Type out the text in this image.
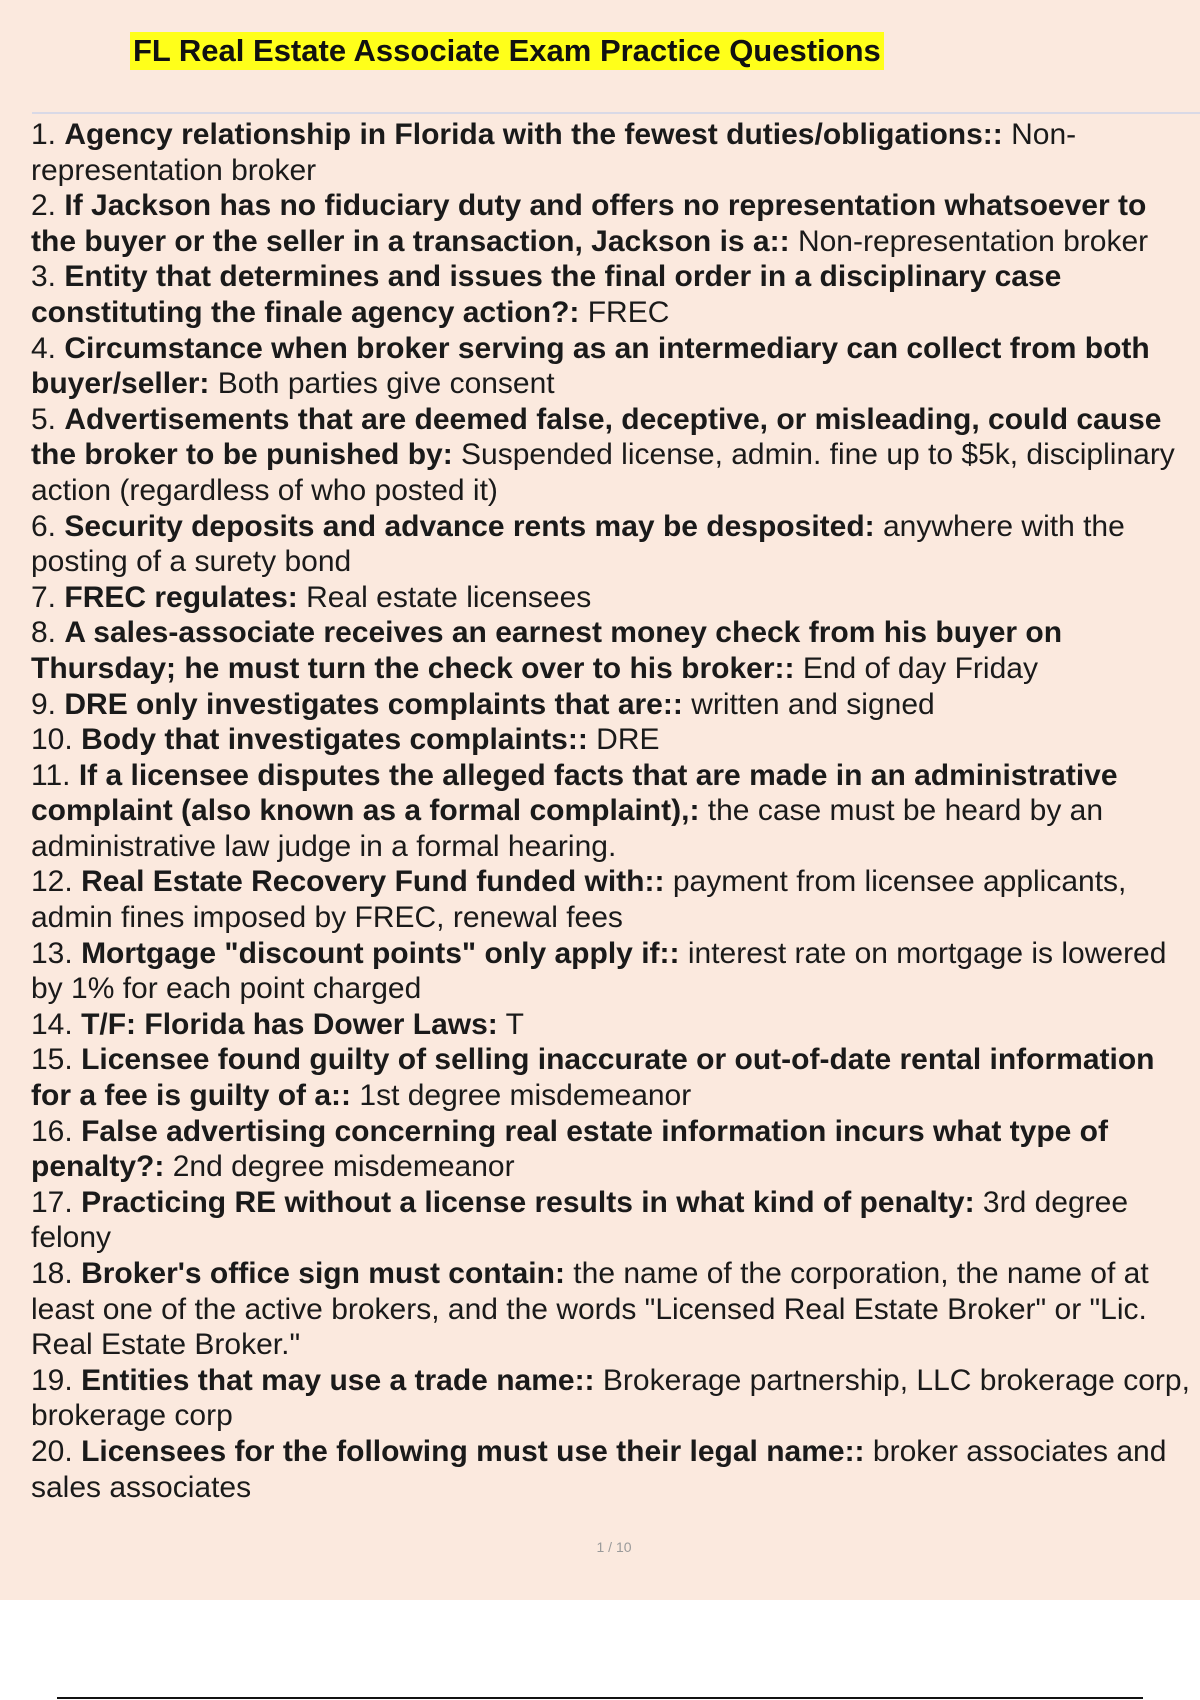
FL Real Estate Associate Exam Practice Questions
1. Agency relationship in Florida with the fewest duties/obligations:: Non-representation broker
2. If Jackson has no fiduciary duty and offers no representation whatsoever to the buyer or the seller in a transaction, Jackson is a:: Non-representation broker
3. Entity that determines and issues the final order in a disciplinary case constituting the finale agency action?: FREC
4. Circumstance when broker serving as an intermediary can collect from both buyer/seller: Both parties give consent
5. Advertisements that are deemed false, deceptive, or misleading, could cause the broker to be punished by: Suspended license, admin. fine up to $5k, disciplinary action (regardless of who posted it)
6. Security deposits and advance rents may be desposited: anywhere with the posting of a surety bond
7. FREC regulates: Real estate licensees
8. A sales-associate receives an earnest money check from his buyer on Thursday; he must turn the check over to his broker:: End of day Friday
9. DRE only investigates complaints that are:: written and signed
10. Body that investigates complaints:: DRE
11. If a licensee disputes the alleged facts that are made in an administrative complaint (also known as a formal complaint),: the case must be heard by an administrative law judge in a formal hearing.
12. Real Estate Recovery Fund funded with:: payment from licensee applicants, admin fines imposed by FREC, renewal fees
13. Mortgage "discount points" only apply if:: interest rate on mortgage is lowered by 1% for each point charged
14. T/F: Florida has Dower Laws: T
15. Licensee found guilty of selling inaccurate or out-of-date rental information for a fee is guilty of a:: 1st degree misdemeanor
16. False advertising concerning real estate information incurs what type of penalty?: 2nd degree misdemeanor
17. Practicing RE without a license results in what kind of penalty: 3rd degree felony
18. Broker's office sign must contain: the name of the corporation, the name of at least one of the active brokers, and the words "Licensed Real Estate Broker" or "Lic. Real Estate Broker."
19. Entities that may use a trade name:: Brokerage partnership, LLC brokerage corp, brokerage corp
20. Licensees for the following must use their legal name:: broker associates and sales associates
1 / 10
